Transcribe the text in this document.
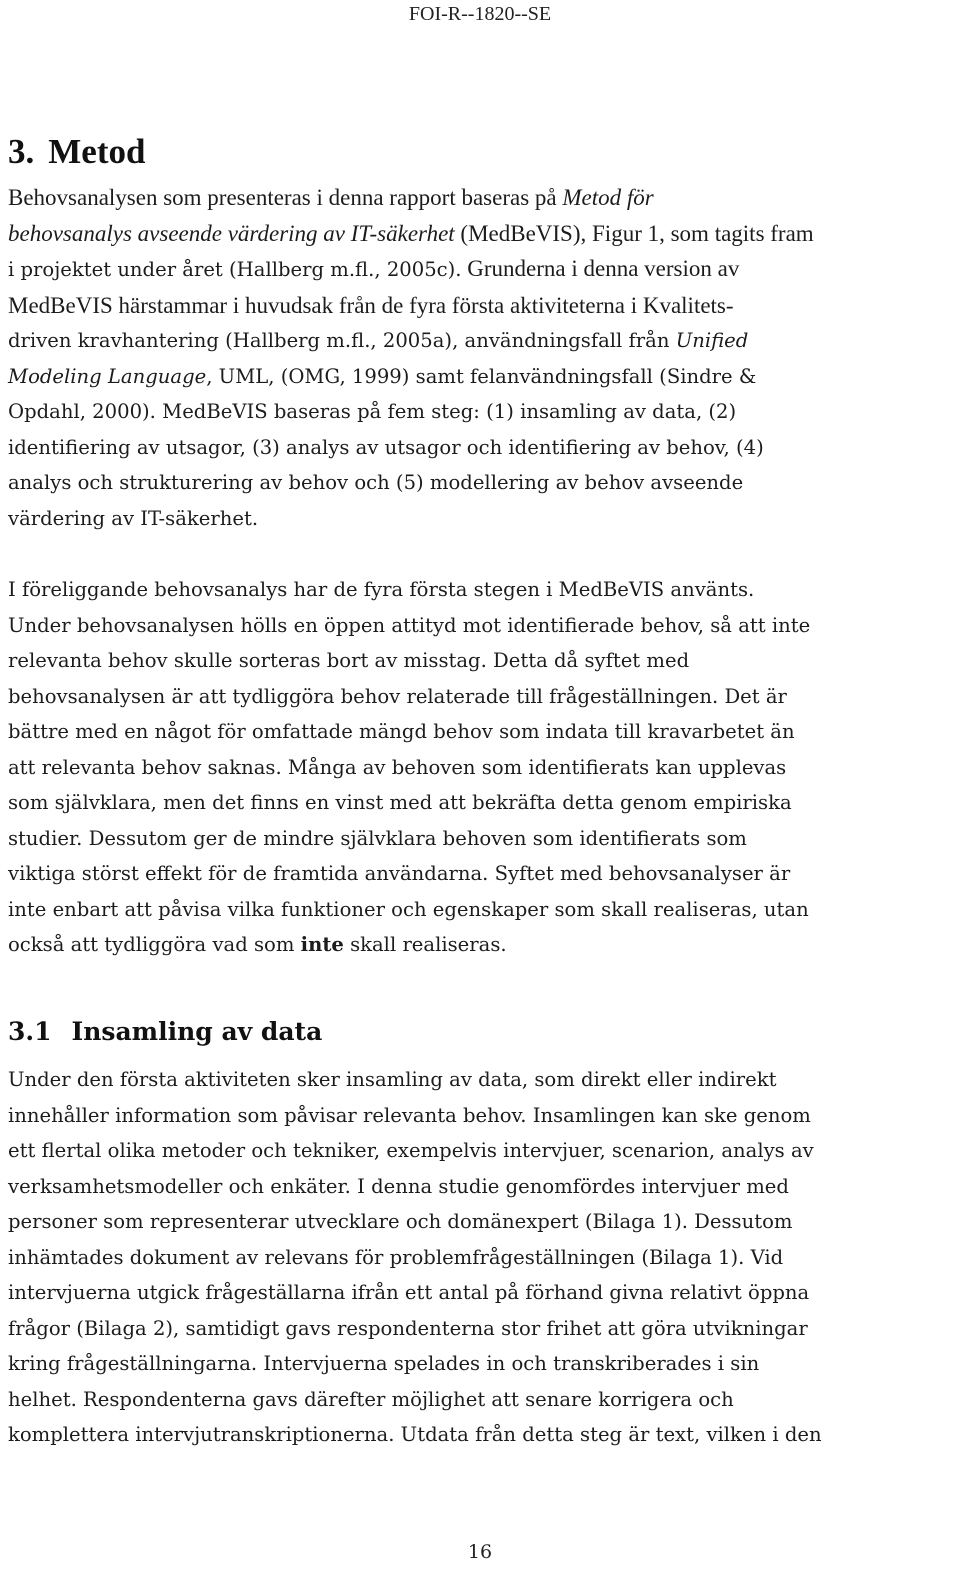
FOI-R--1820--SE
3. Metod
Behovsanalysen som presenteras i denna rapport baseras på Metod för
behovsanalys avseende värdering av IT-säkerhet (MedBeVIS), Figur 1, som tagits fram
i projektet under året (Hallberg m.fl., 2005c). Grunderna i denna version av
MedBeVIS härstammar i huvudsak från de fyra första aktiviteterna i Kvalitets-
driven kravhantering (Hallberg m.fl., 2005a), användningsfall från Unified
Modeling Language, UML, (OMG, 1999) samt felanvändningsfall (Sindre &
Opdahl, 2000). MedBeVIS baseras på fem steg: (1) insamling av data, (2)
identifiering av utsagor, (3) analys av utsagor och identifiering av behov, (4)
analys och strukturering av behov och (5) modellering av behov avseende
värdering av IT-säkerhet.
I föreliggande behovsanalys har de fyra första stegen i MedBeVIS använts.
Under behovsanalysen hölls en öppen attityd mot identifierade behov, så att inte
relevanta behov skulle sorteras bort av misstag. Detta då syftet med
behovsanalysen är att tydliggöra behov relaterade till frågeställningen. Det är
bättre med en något för omfattade mängd behov som indata till kravarbetet än
att relevanta behov saknas. Många av behoven som identifierats kan upplevas
som självklara, men det finns en vinst med att bekräfta detta genom empiriska
studier. Dessutom ger de mindre självklara behoven som identifierats som
viktiga störst effekt för de framtida användarna. Syftet med behovsanalyser är
inte enbart att påvisa vilka funktioner och egenskaper som skall realiseras, utan
också att tydliggöra vad som inte skall realiseras.
3.1 Insamling av data
Under den första aktiviteten sker insamling av data, som direkt eller indirekt
innehåller information som påvisar relevanta behov. Insamlingen kan ske genom
ett flertal olika metoder och tekniker, exempelvis intervjuer, scenarion, analys av
verksamhetsmodeller och enkäter. I denna studie genomfördes intervjuer med
personer som representerar utvecklare och domänexpert (Bilaga 1). Dessutom
inhämtades dokument av relevans för problemfrågeställningen (Bilaga 1). Vid
intervjuerna utgick frågeställarna ifrån ett antal på förhand givna relativt öppna
frågor (Bilaga 2), samtidigt gavs respondenterna stor frihet att göra utvikningar
kring frågeställningarna. Intervjuerna spelades in och transkriberades i sin
helhet. Respondenterna gavs därefter möjlighet att senare korrigera och
komplettera intervjutranskriptionerna. Utdata från detta steg är text, vilken i den
16
